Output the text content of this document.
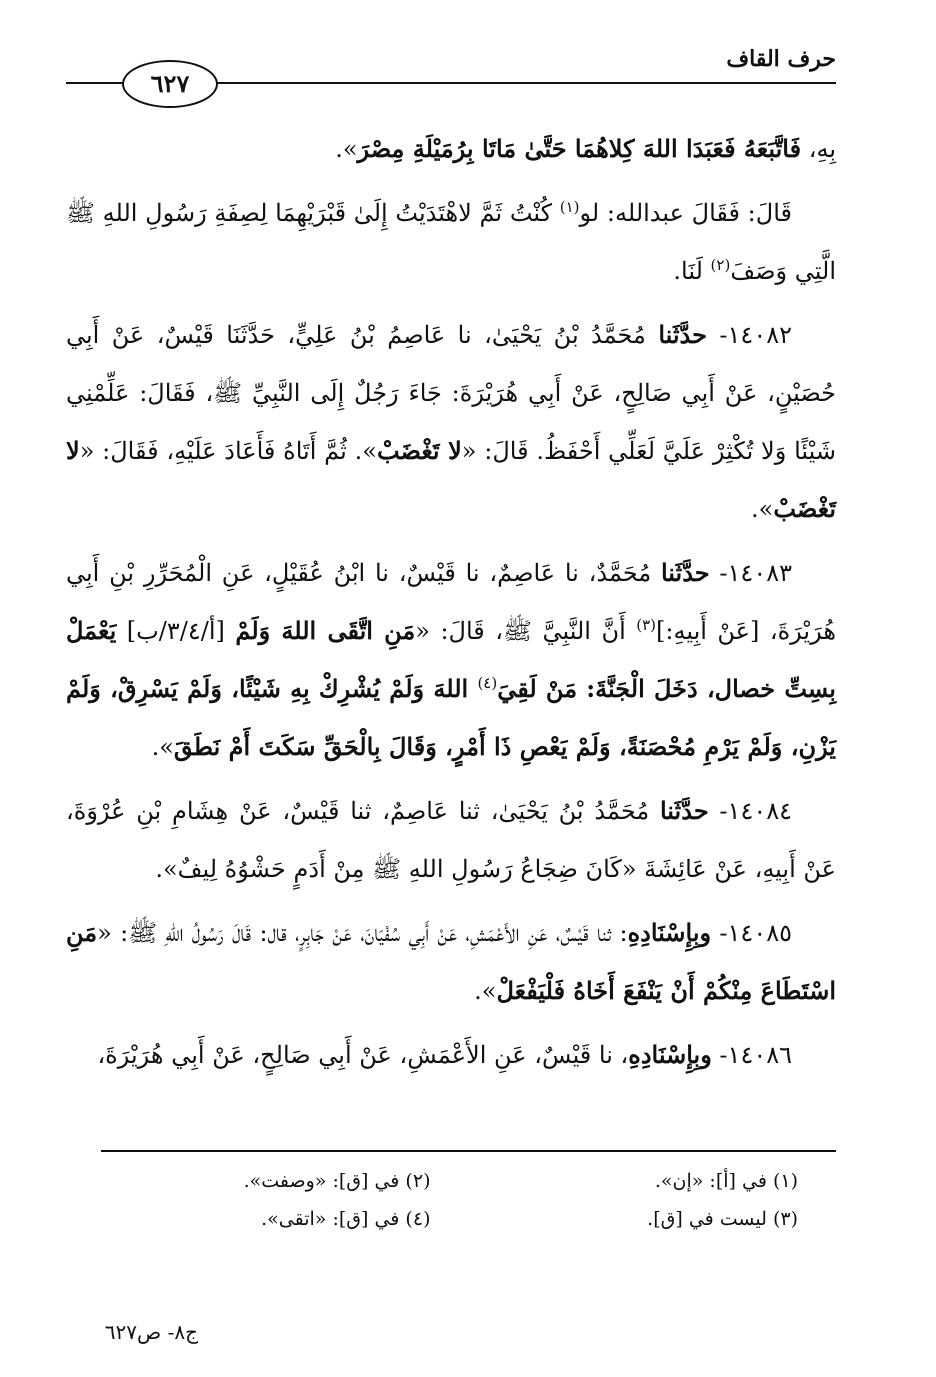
حرف القاف
٦٢٧

بِهِ، فَاتَّبَعَهُ فَعَبَدَا اللهَ كِلاهُمَا حَتَّىٰ مَاتَا بِرُمَيْلَةِ مِصْرَ».

قَالَ: فَقَالَ عبدالله: لو$^{(١)}$ كُنْتُ ثَمَّ لاهْتَدَيْتُ إِلَىٰ قَبْرَيْهِمَا لِصِفَةِ رَسُولِ اللهِ ﷺ الَّتِي وَصَفَ$^{(٢)}$ لَنَا.

١٤٠٨٢- حدَّثَنا مُحَمَّدُ بْنُ يَحْيَىٰ، نا عَاصِمُ بْنُ عَلِيٍّ، حَدَّثَنَا قَيْسٌ، عَنْ أَبِي حُصَيْنٍ، عَنْ أَبِي صَالِحٍ، عَنْ أَبِي هُرَيْرَةَ: جَاءَ رَجُلٌ إِلَى النَّبِيِّ ﷺ، فَقَالَ: عَلِّمْنِي شَيْئًا وَلا تُكْثِرْ عَلَيَّ لَعَلِّي أَحْفَظُ. قَالَ: «لا تَغْضَبْ». ثُمَّ أَتَاهُ فَأَعَادَ عَلَيْهِ، فَقَالَ: «لا تَغْضَبْ».

١٤٠٨٣- حدَّثَنا مُحَمَّدٌ، نا عَاصِمٌ، نا قَيْسٌ، نا ابْنُ عُقَيْلٍ، عَنِ الْمُحَرِّرِ بْنِ أَبِي هُرَيْرَةَ، [عَنْ أَبِيهِ:]$^{(٣)}$ أَنَّ النَّبِيَّ ﷺ، قَالَ: «مَنِ اتَّقَى اللهَ وَلَمْ [أ/٣/٤/ب] يَعْمَلْ بِسِتِّ خصال، دَخَلَ الْجَنَّةَ: مَنْ لَقِيَ$^{(٤)}$ اللهَ وَلَمْ يُشْرِكْ بِهِ شَيْئًا، وَلَمْ يَسْرِقْ، وَلَمْ يَزْنِ، وَلَمْ يَرْمِ مُحْصَنَةً، وَلَمْ يَعْصِ ذَا أَمْرٍ، وَقَالَ بِالْحَقِّ سَكَتَ أَمْ نَطَقَ».

١٤٠٨٤- حدَّثَنا مُحَمَّدُ بْنُ يَحْيَىٰ، ثنا عَاصِمٌ، ثنا قَيْسٌ، عَنْ هِشَامِ بْنِ عُرْوَةَ، عَنْ أَبِيهِ، عَنْ عَائِشَةَ «كَانَ ضِجَاعُ رَسُولِ اللهِ ﷺ مِنْ أَدَمٍ حَشْوُهُ لِيفٌ».

١٤٠٨٥- وبِإِسْنَادِهِ: ثنا قَيْسٌ، عَنِ الأَعْمَشِ، عَنْ أَبِي سُفْيَانَ، عَنْ جَابِرٍ، قال: قَالَ رَسُولُ اللهِ ﷺ: «مَنِ اسْتَطَاعَ مِنْكُمْ أَنْ يَنْفَعَ أَخَاهُ فَلْيَفْعَلْ».

١٤٠٨٦- وبِإِسْنَادِهِ، نا قَيْسٌ، عَنِ الأَعْمَشِ، عَنْ أَبِي صَالِحٍ، عَنْ أَبِي هُرَيْرَةَ،

(١) في [أ]: «إن».
(٢) في [ق]: «وصفت».
(٣) ليست في [ق].
(٤) في [ق]: «اتقى».
ج٨- ص٦٢٧
